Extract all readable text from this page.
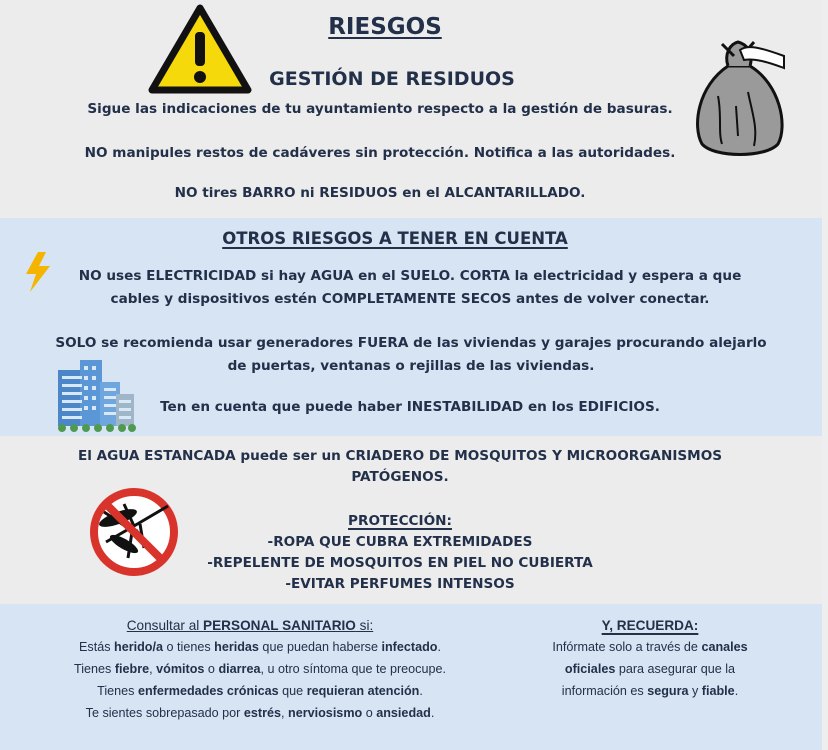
RIESGOS
GESTIÓN DE RESIDUOS
Sigue las indicaciones de tu ayuntamiento respecto a la gestión de basuras.
NO manipules restos de cadáveres sin protección. Notifica a las autoridades.
NO tires BARRO ni RESIDUOS en el ALCANTARILLADO.
OTROS RIESGOS A TENER EN CUENTA
NO uses ELECTRICIDAD si hay AGUA en el SUELO. CORTA la electricidad y espera a que
cables y dispositivos estén COMPLETAMENTE SECOS antes de volver conectar.
SOLO se recomienda usar generadores FUERA de las viviendas y garajes procurando alejarlo
de puertas, ventanas o rejillas de las viviendas.
Ten en cuenta que puede haber INESTABILIDAD en los EDIFICIOS.
El AGUA ESTANCADA puede ser un CRIADERO DE MOSQUITOS Y MICROORGANISMOS
PATÓGENOS.
PROTECCIÓN:
-ROPA QUE CUBRA EXTREMIDADES
-REPELENTE DE MOSQUITOS EN PIEL NO CUBIERTA
-EVITAR PERFUMES INTENSOS
Consultar al PERSONAL SANITARIO si:
Estás herido/a o tienes heridas que puedan haberse infectado.
Tienes fiebre, vómitos o diarrea, u otro síntoma que te preocupe.
Tienes enfermedades crónicas que requieran atención.
Te sientes sobrepasado por estrés, nerviosismo o ansiedad.
Y, RECUERDA:
Infórmate solo a través de canales
oficiales para asegurar que la
información es segura y fiable.
